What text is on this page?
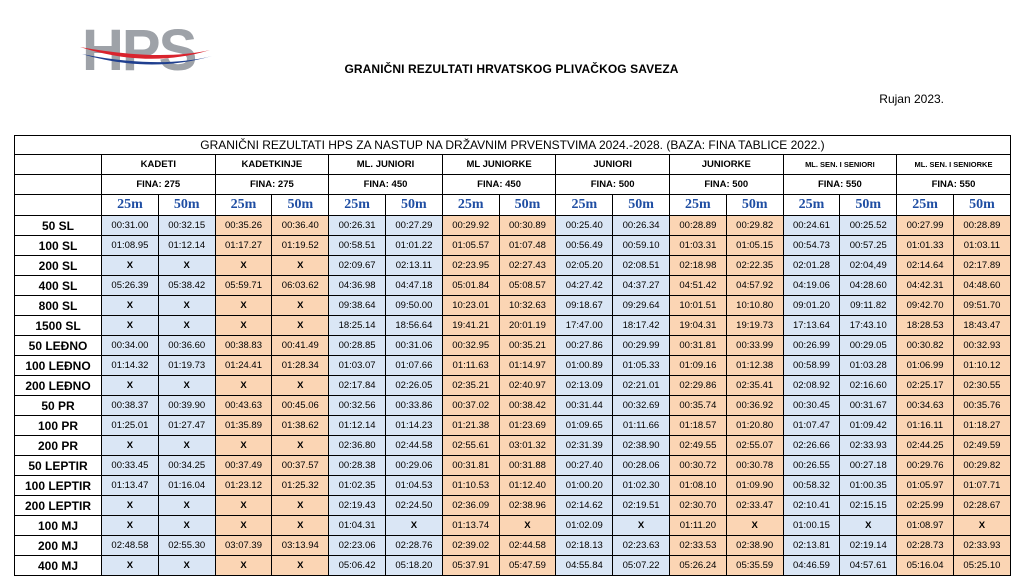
HPS	GRANIČNI REZULTATI HRVATSKOG PLIVAČKOG SAVEZA
Rujan 2023.
GRANIČNI REZULTATI HPS ZA NASTUP NA DRŽAVNIM PRVENSTVIMA 2024.-2028. (BAZA: FINA TABLICE 2022.)																
	KADETI		KADETKINJE		ML. JUNIORI		ML JUNIORKE		JUNIORI		JUNIORKE		ML. SEN. I SENIORI		ML. SEN. I SENIORKE	
	FINA: 275		FINA: 275		FINA: 450		FINA: 450		FINA: 500		FINA: 500		FINA: 550		FINA: 550	
	25m	50m	25m	50m	25m	50m	25m	50m	25m	50m	25m	50m	25m	50m	25m	50m
50 SL	00:31.00	00:32.15	00:35.26	00:36.40	00:26.31	00:27.29	00:29.92	00:30.89	00:25.40	00:26.34	00:28.89	00:29.82	00:24.61	00:25.52	00:27.99	00:28.89
100 SL	01:08.95	01:12.14	01:17.27	01:19.52	00:58.51	01:01.22	01:05.57	01:07.48	00:56.49	00:59.10	01:03.31	01:05.15	00:54.73	00:57.25	01:01.33	01:03.11
200 SL	X	X	X	X	02:09.67	02:13.11	02:23.95	02:27.43	02:05.20	02:08.51	02:18.98	02:22.35	02:01.28	02:04,49	02:14.64	02:17.89
400 SL	05:26.39	05:38.42	05:59.71	06:03.62	04:36.98	04:47.18	05:01.84	05:08.57	04:27.42	04:37.27	04:51.42	04:57.92	04:19.06	04:28.60	04:42.31	04:48.60
800 SL	X	X	X	X	09:38.64	09:50.00	10:23.01	10:32.63	09:18.67	09:29.64	10:01.51	10:10.80	09:01.20	09:11.82	09:42.70	09:51.70
1500 SL	X	X	X	X	18:25.14	18:56.64	19:41.21	20:01.19	17:47.00	18:17.42	19:04.31	19:19.73	17:13.64	17:43.10	18:28.53	18:43.47
50 LEĐNO	00:34.00	00:36.60	00:38.83	00:41.49	00:28.85	00:31.06	00:32.95	00:35.21	00:27.86	00:29.99	00:31.81	00:33.99	00:26.99	00:29.05	00:30.82	00:32.93
100 LEĐNO	01:14.32	01:19.73	01:24.41	01:28.34	01:03.07	01:07.66	01:11.63	01:14.97	01:00.89	01:05.33	01:09.16	01:12.38	00:58.99	01:03.28	01:06.99	01:10.12
200 LEĐNO	X	X	X	X	02:17.84	02:26.05	02:35.21	02:40.97	02:13.09	02:21.01	02:29.86	02:35.41	02:08.92	02:16.60	02:25.17	02:30.55
50 PR	00:38.37	00:39.90	00:43.63	00:45.06	00:32.56	00:33.86	00:37.02	00:38.42	00:31.44	00:32.69	00:35.74	00:36.92	00:30.45	00:31.67	00:34.63	00:35.76
100 PR	01:25.01	01:27.47	01:35.89	01:38.62	01:12.14	01:14.23	01:21.38	01:23.69	01:09.65	01:11.66	01:18.57	01:20.80	01:07.47	01:09.42	01:16.11	01:18.27
200 PR	X	X	X	X	02:36.80	02:44.58	02:55.61	03:01.32	02:31.39	02:38.90	02:49.55	02:55.07	02:26.66	02:33.93	02:44.25	02:49.59
50 LEPTIR	00:33.45	00:34.25	00:37.49	00:37.57	00:28.38	00:29.06	00:31.81	00:31.88	00:27.40	00:28.06	00:30.72	00:30.78	00:26.55	00:27.18	00:29.76	00:29.82
100 LEPTIR	01:13.47	01:16.04	01:23.12	01:25.32	01:02.35	01:04.53	01:10.53	01:12.40	01:00.20	01:02.30	01:08.10	01:09.90	00:58.32	01:00.35	01:05.97	01:07.71
200 LEPTIR	X	X	X	X	02:19.43	02:24.50	02:36.09	02:38.96	02:14.62	02:19.51	02:30.70	02:33.47	02:10.41	02:15.15	02:25.99	02:28.67
100 MJ	X	X	X	X	01:04.31	X	01:13.74	X	01:02.09	X	01:11.20	X	01:00.15	X	01:08.97	X
200 MJ	02:48.58	02:55.30	03:07.39	03:13.94	02:23.06	02:28.76	02:39.02	02:44.58	02:18.13	02:23.63	02:33.53	02:38.90	02:13.81	02:19.14	02:28.73	02:33.93
400 MJ	X	X	X	X	05:06.42	05:18.20	05:37.91	05:47.59	04:55.84	05:07.22	05:26.24	05:35.59	04:46.59	04:57.61	05:16.04	05:25.10
